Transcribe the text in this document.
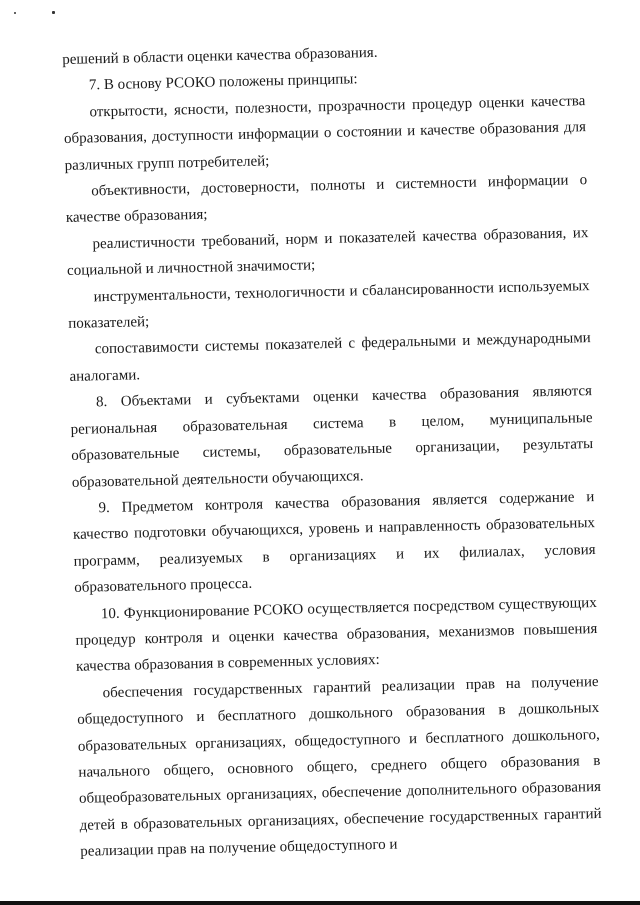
решений в области оценки качества образования.

7. В основу РСОКО положены принципы:

открытости, ясности, полезности, прозрачности процедур оценки качества образования, доступности информации о состоянии и качестве образования для различных групп потребителей;

объективности, достоверности, полноты и системности информации о качестве образования;

реалистичности требований, норм и показателей качества образования, их социальной и личностной значимости;

инструментальности, технологичности и сбалансированности используемых показателей;

сопоставимости системы показателей с федеральными и международными аналогами.

8. Объектами и субъектами оценки качества образования являются региональная образовательная система в целом, муниципальные образовательные системы, образовательные организации, результаты образовательной деятельности обучающихся.

9. Предметом контроля качества образования является содержание и качество подготовки обучающихся, уровень и направленность образовательных программ, реализуемых в организациях и их филиалах, условия образовательного процесса.

10. Функционирование РСОКО осуществляется посредством существующих процедур контроля и оценки качества образования, механизмов повышения качества образования в современных условиях:

обеспечения государственных гарантий реализации прав на получение общедоступного и бесплатного дошкольного образования в дошкольных образовательных организациях, общедоступного и бесплатного дошкольного, начального общего, основного общего, среднего общего образования в общеобразовательных организациях, обеспечение дополнительного образования детей в образовательных организациях, обеспечение государственных гарантий реализации прав на получение общедоступного и
